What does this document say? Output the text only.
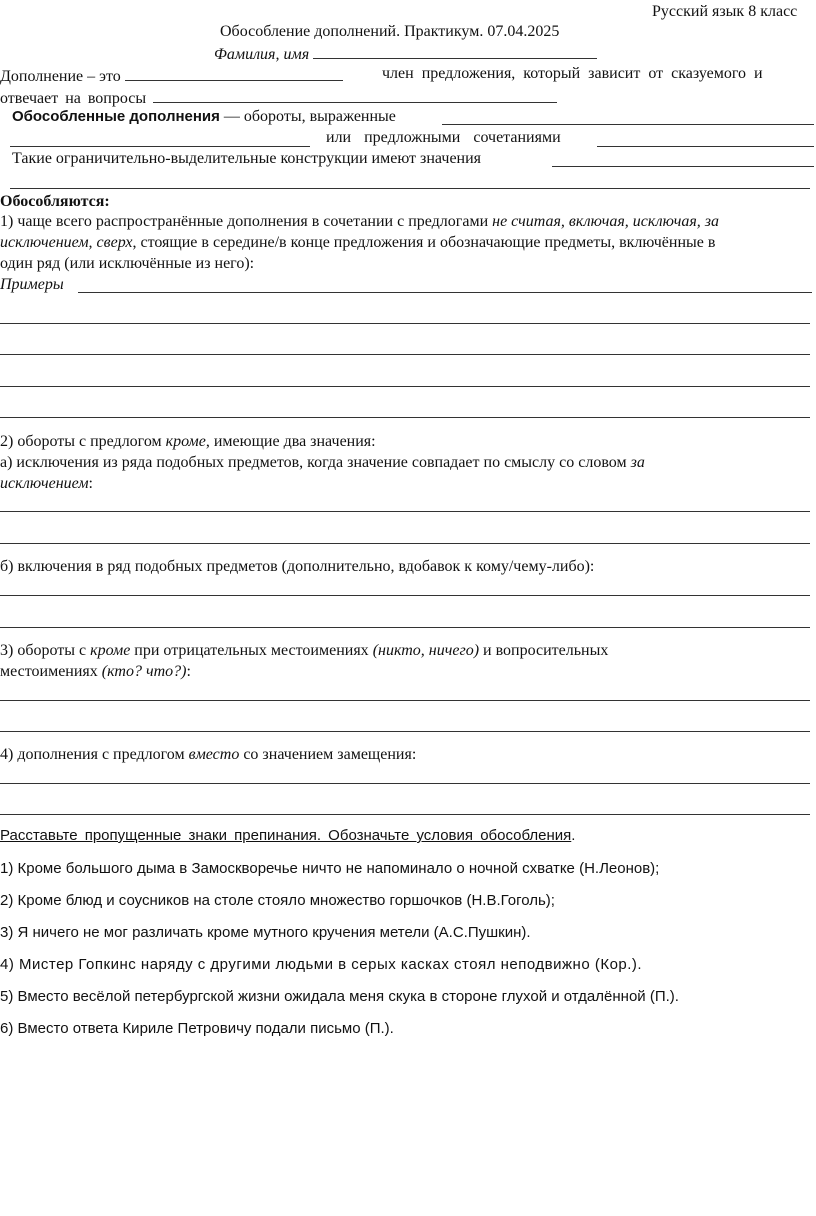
Русский язык 8 класс
Обособление дополнений. Практикум. 07.04.2025
Фамилия, имя
Дополнение – это	член предложения, который зависит от сказуемого и
отвечает на вопросы
Обособленные дополнения — обороты, выраженные
или предложными сочетаниями
Такие ограничительно-выделительные конструкции имеют значения
Обособляются:
1) чаще всего распространённые дополнения в сочетании с предлогами не считая, включая, исключая, за
исключением, сверх, стоящие в середине/в конце предложения и обозначающие предметы, включённые в
один ряд (или исключённые из него):
Примеры
2) обороты с предлогом кроме, имеющие два значения:
а) исключения из ряда подобных предметов, когда значение совпадает по смыслу со словом за
исключением:
б) включения в ряд подобных предметов (дополнительно, вдобавок к кому/чему-либо):
3) обороты с кроме при отрицательных местоимениях (никто, ничего) и вопросительных
местоимениях (кто? что?):
4) дополнения с предлогом вместо со значением замещения:
Расставьте пропущенные знаки препинания. Обозначьте условия обособления.
1) Кроме большого дыма в Замоскворечье ничто не напоминало о ночной схватке (Н.Леонов);
2) Кроме блюд и соусников на столе стояло множество горшочков (Н.В.Гоголь);
3) Я ничего не мог различать кроме мутного кручения метели (А.С.Пушкин).
4) Мистер Гопкинс наряду с другими людьми в серых касках стоял неподвижно (Кор.).
5) Вместо весёлой петербургской жизни ожидала меня скука в стороне глухой и отдалённой (П.).
6) Вместо ответа Кириле Петровичу подали письмо (П.).
